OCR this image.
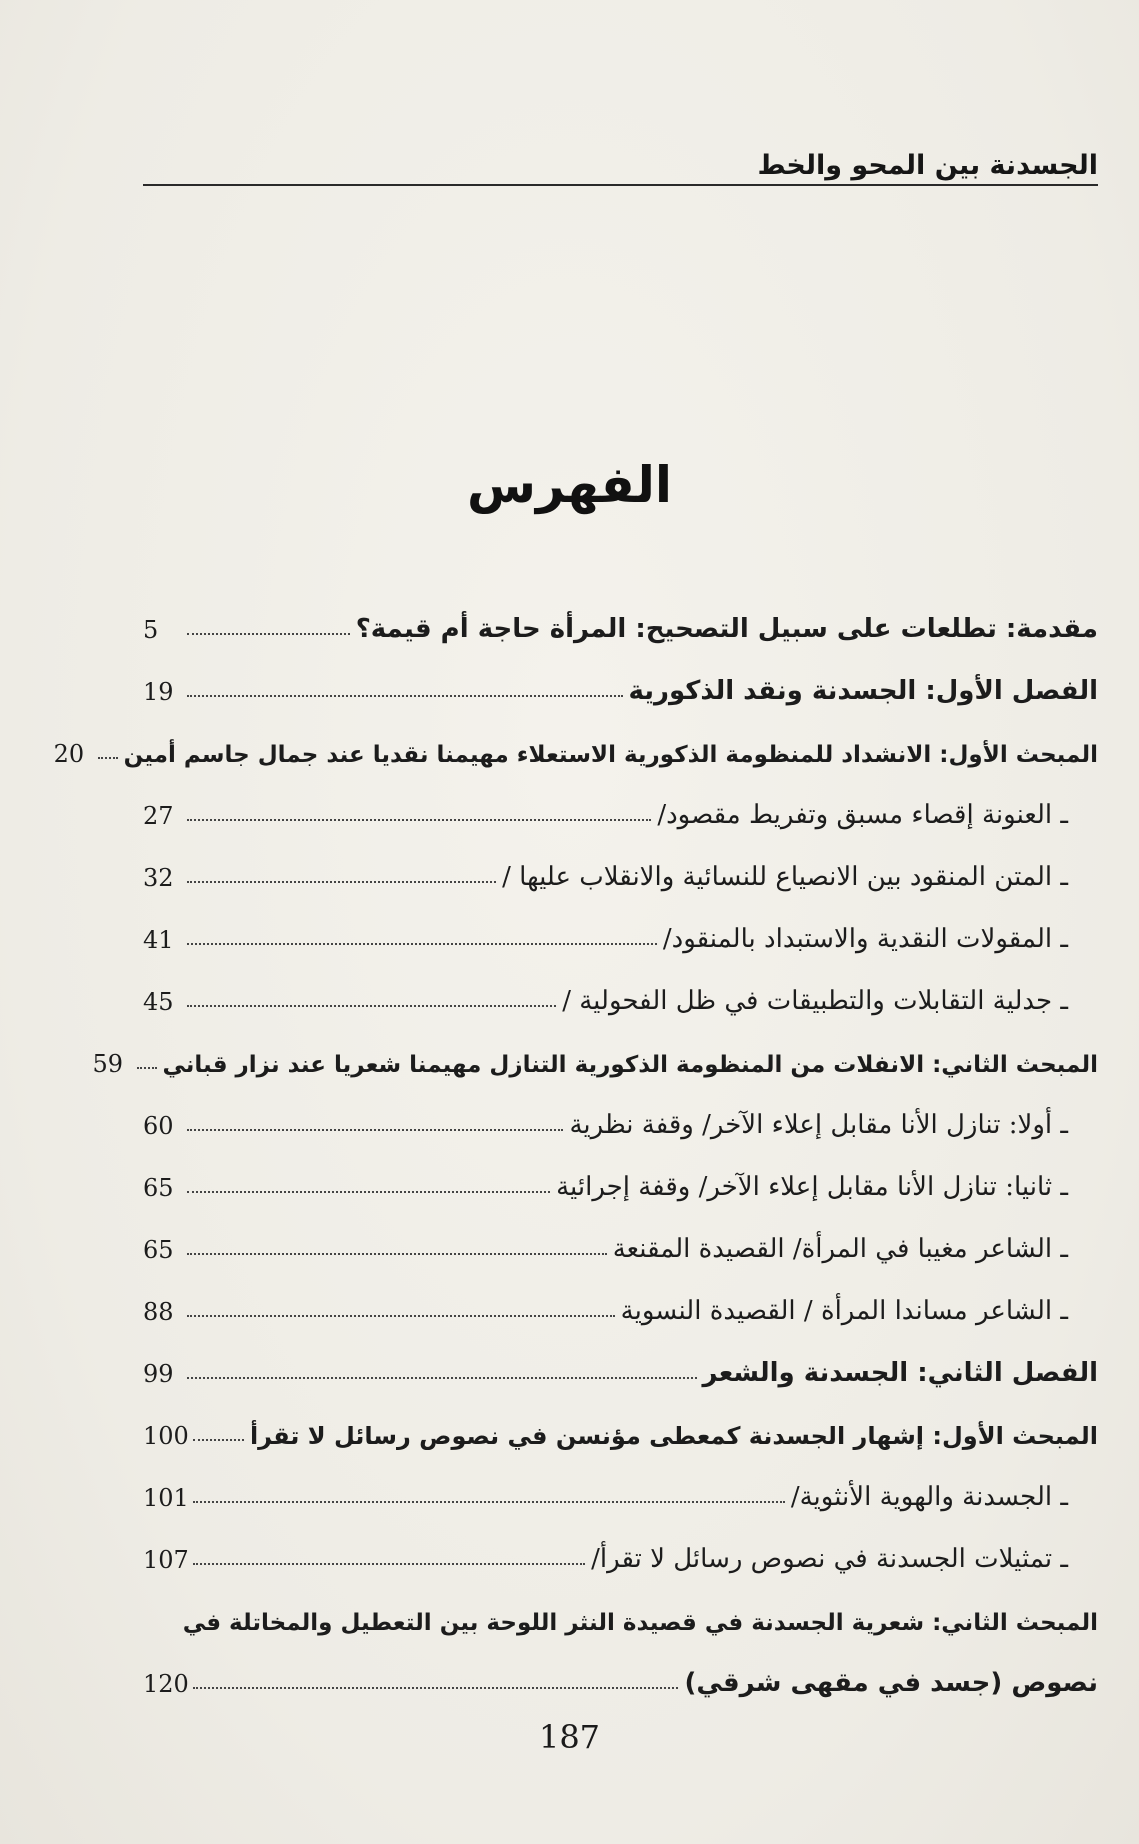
الجسدنة بين المحو والخط
الفهرس
مقدمة: تطلعات على سبيل التصحيح: المرأة حاجة أم قيمة؟
5
الفصل الأول: الجسدنة ونقد الذكورية
19
المبحث الأول: الانشداد للمنظومة الذكورية الاستعلاء مهيمنا نقديا عند جمال جاسم أمين
20
ـ العنونة إقصاء مسبق وتفريط مقصود/
27
ـ المتن المنقود بين الانصياع للنسائية والانقلاب عليها /
32
ـ المقولات النقدية والاستبداد بالمنقود/
41
ـ جدلية التقابلات والتطبيقات في ظل الفحولية /
45
المبحث الثاني: الانفلات من المنظومة الذكورية التنازل مهيمنا شعريا عند نزار قباني
59
ـ أولا: تنازل الأنا مقابل إعلاء الآخر/ وقفة نظرية
60
ـ ثانيا: تنازل الأنا مقابل إعلاء الآخر/ وقفة إجرائية
65
ـ الشاعر مغيبا في المرأة/ القصيدة المقنعة
65
ـ الشاعر مساندا المرأة / القصيدة النسوية
88
الفصل الثاني: الجسدنة والشعر
99
المبحث الأول: إشهار الجسدنة كمعطى مؤنسن في نصوص رسائل لا تقرأ
100
ـ الجسدنة والهوية الأنثوية/
101
ـ تمثيلات الجسدنة في نصوص رسائل لا تقرأ/
107
المبحث الثاني: شعرية الجسدنة في قصيدة النثر اللوحة بين التعطيل والمخاتلة في
نصوص (جسد في مقهى شرقي)
120
187
